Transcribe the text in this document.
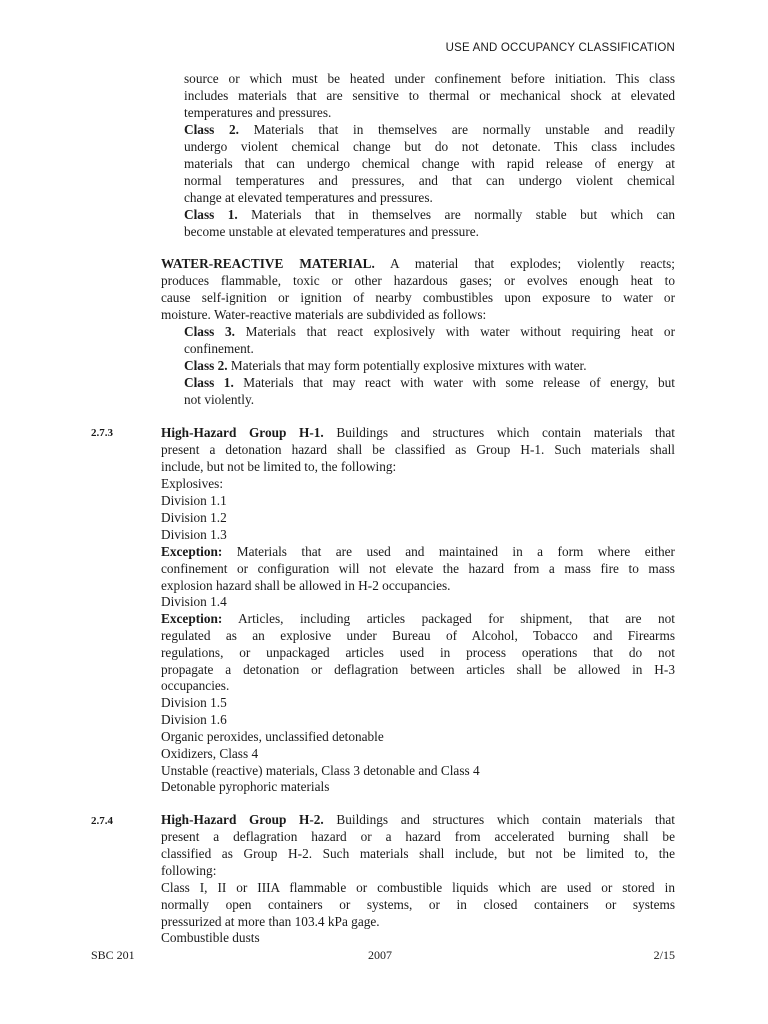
USE AND OCCUPANCY CLASSIFICATION
2.7.3
2.7.4
source or which must be heated under confinement before initiation. This class
includes materials that are sensitive to thermal or mechanical shock at elevated
temperatures and pressures.
Class 2. Materials that in themselves are normally unstable and readily
undergo violent chemical change but do not detonate. This class includes
materials that can undergo chemical change with rapid release of energy at
normal temperatures and pressures, and that can undergo violent chemical
change at elevated temperatures and pressures.
Class 1. Materials that in themselves are normally stable but which can
become unstable at elevated temperatures and pressure.
WATER-REACTIVE MATERIAL. A material that explodes; violently reacts;
produces flammable, toxic or other hazardous gases; or evolves enough heat to
cause self-ignition or ignition of nearby combustibles upon exposure to water or
moisture. Water-reactive materials are subdivided as follows:
Class 3. Materials that react explosively with water without requiring heat or
confinement.
Class 2. Materials that may form potentially explosive mixtures with water.
Class 1. Materials that may react with water with some release of energy, but
not violently.
High-Hazard Group H-1. Buildings and structures which contain materials that
present a detonation hazard shall be classified as Group H-1. Such materials shall
include, but not be limited to, the following:
Explosives:
Division 1.1
Division 1.2
Division 1.3
Exception: Materials that are used and maintained in a form where either
confinement or configuration will not elevate the hazard from a mass fire to mass
explosion hazard shall be allowed in H-2 occupancies.
Division 1.4
Exception: Articles, including articles packaged for shipment, that are not
regulated as an explosive under Bureau of Alcohol, Tobacco and Firearms
regulations, or unpackaged articles used in process operations that do not
propagate a detonation or deflagration between articles shall be allowed in H-3
occupancies.
Division 1.5
Division 1.6
Organic peroxides, unclassified detonable
Oxidizers, Class 4
Unstable (reactive) materials, Class 3 detonable and Class 4
Detonable pyrophoric materials
High-Hazard Group H-2. Buildings and structures which contain materials that
present a deflagration hazard or a hazard from accelerated burning shall be
classified as Group H-2. Such materials shall include, but not be limited to, the
following:
Class I, II or IIIA flammable or combustible liquids which are used or stored in
normally open containers or systems, or in closed containers or systems
pressurized at more than 103.4 kPa gage.
Combustible dusts
SBC 201	2007	2/15
